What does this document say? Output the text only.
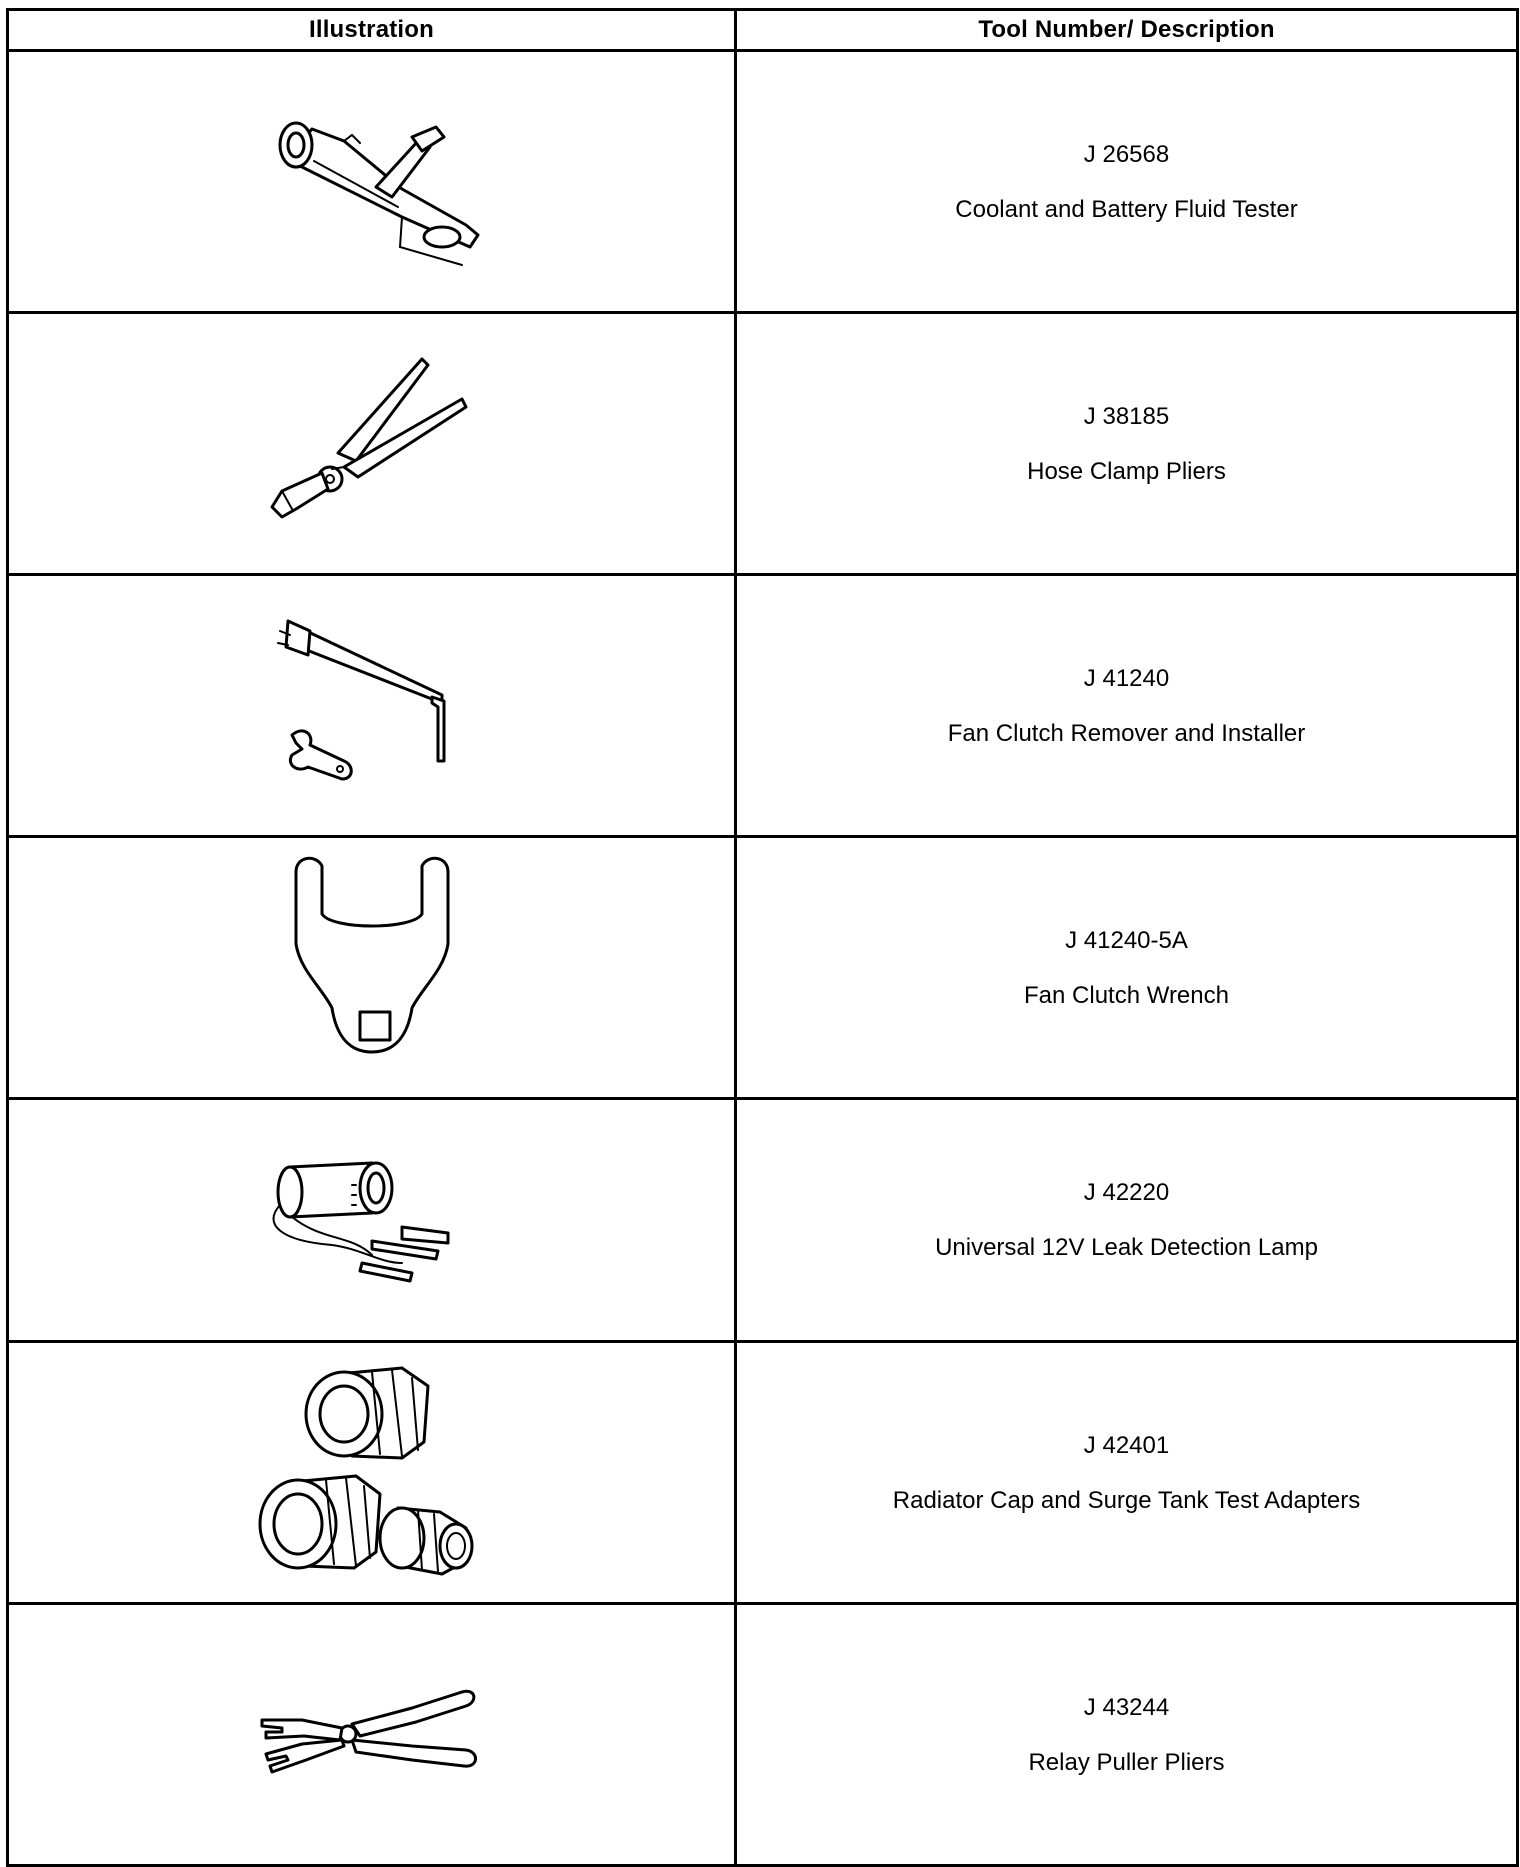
Illustration	Tool Number/ Description

J 26568
Coolant and Battery Fluid Tester

J 38185
Hose Clamp Pliers

J 41240
Fan Clutch Remover and Installer

J 41240-5A
Fan Clutch Wrench

J 42220
Universal 12V Leak Detection Lamp

J 42401
Radiator Cap and Surge Tank Test Adapters

J 43244
Relay Puller Pliers
